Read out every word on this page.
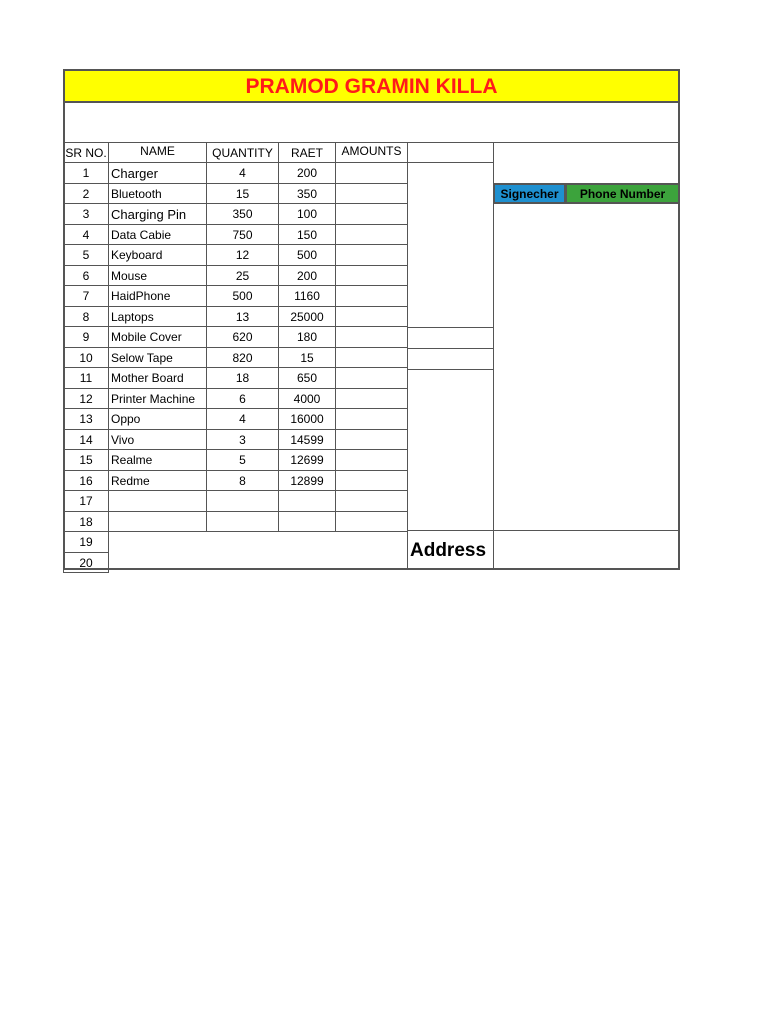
PRAMOD GRAMIN KILLA
SR NO.	NAME	QUANTITY	RAET	AMOUNTS
Signecher	Phone Number
Address
1	Charger	4	200
2	Bluetooth	15	350
3	Charging Pin	350	100
4	Data Cabie	750	150
5	Keyboard	12	500
6	Mouse	25	200
7	HaidPhone	500	1160
8	Laptops	13	25000
9	Mobile Cover	620	180
10	Selow Tape	820	15
11	Mother Board	18	650
12	Printer Machine	6	4000
13	Oppo	4	16000
14	Vivo	3	14599
15	Realme	5	12699
16	Redme	8	12899
17
18
19
20
